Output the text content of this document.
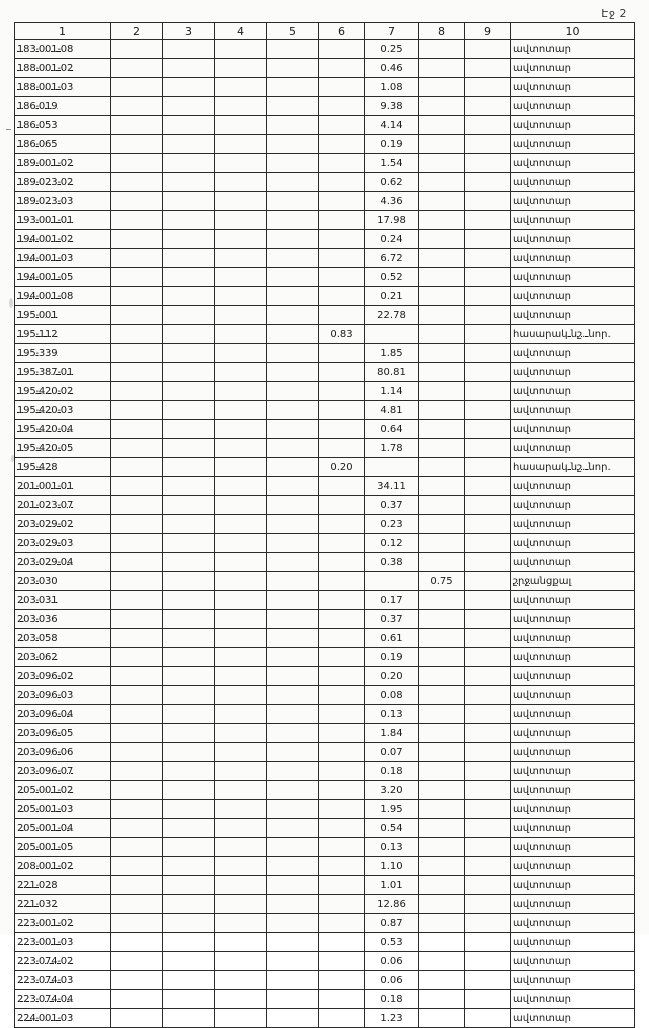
Էջ 2
1	2	3	4	5	6	7	8	9	10
183-001-08						0.25			ավտոտար
188-001-02						0.46			ավտոտար
188-001-03						1.08			ավտոտար
186-019						9.38			ավտոտար
186-053						4.14			ավտոտար
186-065						0.19			ավտոտար
189-001-02						1.54			ավտոտար
189-023-02						0.62			ավտոտար
189-023-03						4.36			ավտոտար
193-001-01						17.98			ավտոտար
194-001-02						0.24			ավտոտար
194-001-03						6.72			ավտոտար
194-001-05						0.52			ավտոտար
194-001-08						0.21			ավտոտար
195-001						22.78			ավտոտար
195-112					0.83				հասարակ նշ. նոր.
195-339						1.85			ավտոտար
195-387-01						80.81			ավտոտար
195-420-02						1.14			ավտոտար
195-420-03						4.81			ավտոտար
195-420-04						0.64			ավտոտար
195-420-05						1.78			ավտոտար
195-428					0.20				հասարակ նշ. նոր.
201-001-01						34.11			ավտոտար
201-023-07						0.37			ավտոտար
203-029-02						0.23			ավտոտար
203-029-03						0.12			ավտոտար
203-029-04						0.38			ավտոտար
203-030							0.75		շրջանցքալ
203-031						0.17			ավտոտար
203-036						0.37			ավտոտար
203-058						0.61			ավտոտար
203-062						0.19			ավտոտար
203-096-02						0.20			ավտոտար
203-096-03						0.08			ավտոտար
203-096-04						0.13			ավտոտար
203-096-05						1.84			ավտոտար
203-096-06						0.07			ավտոտար
203-096-07						0.18			ավտոտար
205-001-02						3.20			ավտոտար
205-001-03						1.95			ավտոտար
205-001-04						0.54			ավտոտար
205-001-05						0.13			ավտոտար
208-001-02						1.10			ավտոտար
221-028						1.01			ավտոտար
221-032						12.86			ավտոտար
223-001-02						0.87			ավտոտար
223-001-03						0.53			ավտոտար
223-074-02						0.06			ավտոտար
223-074-03						0.06			ավտոտար
223-074-04						0.18			ավտոտար
224-001-03						1.23			ավտոտար
